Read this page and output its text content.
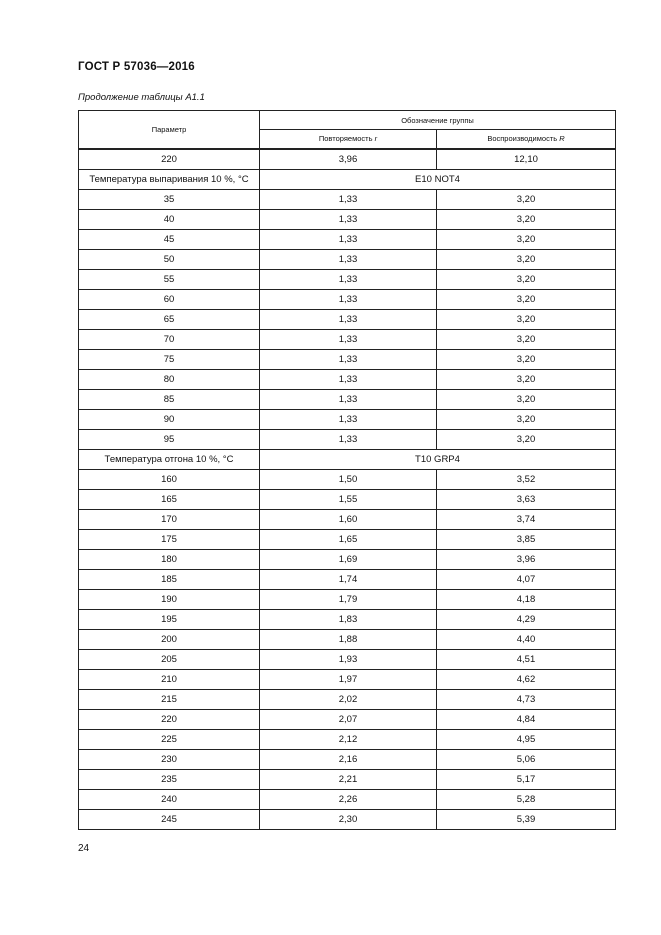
ГОСТ Р 57036—2016
Продолжение таблицы А1.1
Параметр	Обозначение группы	
	Повторяемость r	Воспроизводимость R
220	3,96	12,10
Температура выпаривания 10 %, °C	E10 NOT4	
35	1,33	3,20
40	1,33	3,20
45	1,33	3,20
50	1,33	3,20
55	1,33	3,20
60	1,33	3,20
65	1,33	3,20
70	1,33	3,20
75	1,33	3,20
80	1,33	3,20
85	1,33	3,20
90	1,33	3,20
95	1,33	3,20
Температура отгона 10 %, °C	T10 GRP4	
160	1,50	3,52
165	1,55	3,63
170	1,60	3,74
175	1,65	3,85
180	1,69	3,96
185	1,74	4,07
190	1,79	4,18
195	1,83	4,29
200	1,88	4,40
205	1,93	4,51
210	1,97	4,62
215	2,02	4,73
220	2,07	4,84
225	2,12	4,95
230	2,16	5,06
235	2,21	5,17
240	2,26	5,28
245	2,30	5,39
24
